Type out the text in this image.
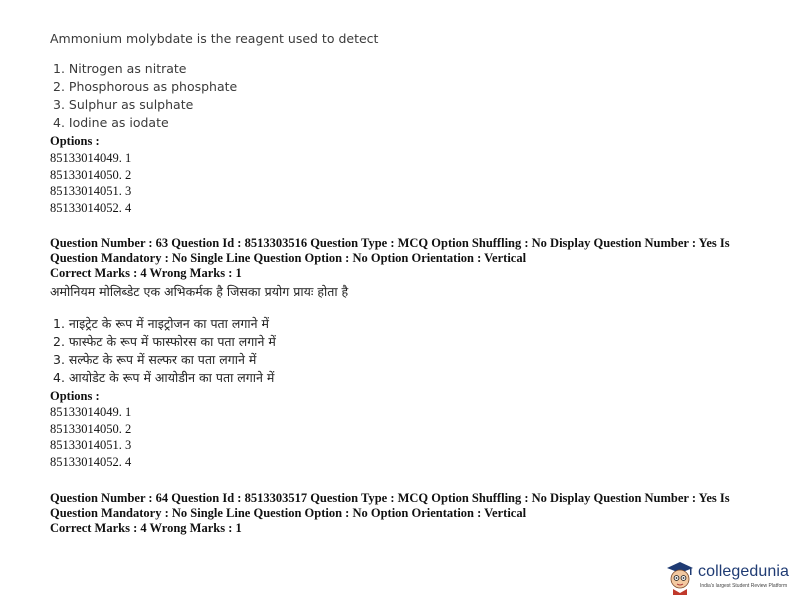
Ammonium molybdate is the reagent used to detect
1. Nitrogen as nitrate
2. Phosphorous as phosphate
3. Sulphur as sulphate
4. Iodine as iodate
Options :
85133014049. 1
85133014050. 2
85133014051. 3
85133014052. 4
Question Number : 63 Question Id : 8513303516 Question Type : MCQ Option Shuffling : No Display Question Number : Yes Is
Question Mandatory : No Single Line Question Option : No Option Orientation : Vertical
Correct Marks : 4 Wrong Marks : 1
अमोनियम मोलिब्डेट एक अभिकर्मक है जिसका प्रयोग प्रायः होता है
1. नाइट्रेट के रूप में नाइट्रोजन का पता लगाने में
2. फास्फेट के रूप में फास्फोरस का पता लगाने में
3. सल्फेट के रूप में सल्फर का पता लगाने में
4. आयोडेट के रूप में आयोडीन का पता लगाने में
Options :
85133014049. 1
85133014050. 2
85133014051. 3
85133014052. 4
Question Number : 64 Question Id : 8513303517 Question Type : MCQ Option Shuffling : No Display Question Number : Yes Is
Question Mandatory : No Single Line Question Option : No Option Orientation : Vertical
Correct Marks : 4 Wrong Marks : 1
collegedunia
India's largest Student Review Platform
